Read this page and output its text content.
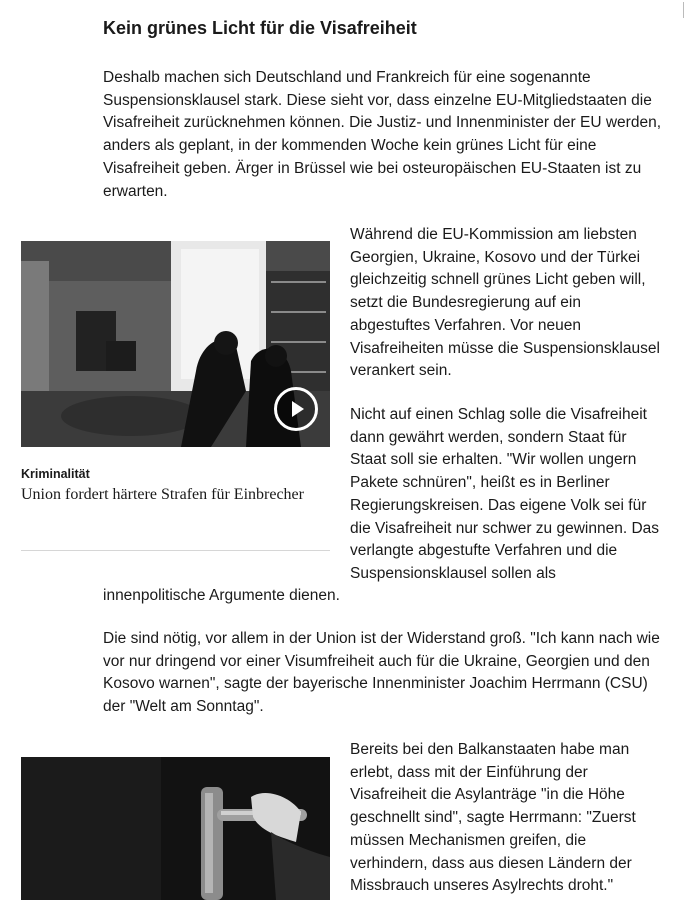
Kein grünes Licht für die Visafreiheit

Deshalb machen sich Deutschland und Frankreich für eine sogenannte Suspensionsklausel stark. Diese sieht vor, dass einzelne EU-Mitgliedstaaten die Visafreiheit zurücknehmen können. Die Justiz- und Innenminister der EU werden, anders als geplant, in der kommenden Woche kein grünes Licht für eine Visafreiheit geben. Ärger in Brüssel wie bei osteuropäischen EU-Staaten ist zu erwarten.

Kriminalität

Union fordert härtere Strafen für Einbrecher

Während die EU-Kommission am liebsten Georgien, Ukraine, Kosovo und der Türkei gleichzeitig schnell grünes Licht geben will, setzt die Bundesregierung auf ein abgestuftes Verfahren. Vor neuen Visafreiheiten müsse die Suspensionsklausel verankert sein.

Nicht auf einen Schlag solle die Visafreiheit dann gewährt werden, sondern Staat für Staat soll sie erhalten. "Wir wollen ungern Pakete schnüren", heißt es in Berliner Regierungskreisen. Das eigene Volk sei für die Visafreiheit nur schwer zu gewinnen. Das verlangte abgestufte Verfahren und die Suspensionsklausel sollen als

innenpolitische Argumente dienen.

Die sind nötig, vor allem in der Union ist der Widerstand groß. "Ich kann nach wie vor nur dringend vor einer Visumfreiheit auch für die Ukraine, Georgien und den Kosovo warnen", sagte der bayerische Innenminister Joachim Herrmann (CSU) der "Welt am Sonntag".

Bereits bei den Balkanstaaten habe man erlebt, dass mit der Einführung der Visafreiheit die Asylanträge "in die Höhe geschnellt sind", sagte Herrmann: "Zuerst müssen Mechanismen greifen, die verhindern, dass aus diesen Ländern der Missbrauch unseres Asylrechts droht."
